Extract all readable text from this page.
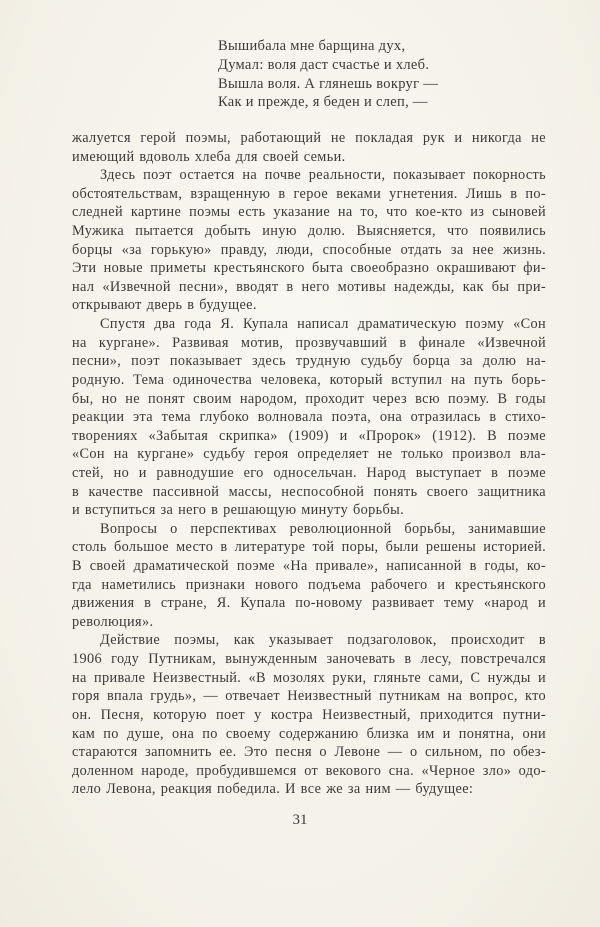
Вышибала мне барщина дух,
Думал: воля даст счастье и хлеб.
Вышла воля. А глянешь вокруг —
Как и прежде, я беден и слеп, —
жалуется герой поэмы, работающий не покладая рук и никогда не
имеющий вдоволь хлеба для своей семьи.
Здесь поэт остается на почве реальности, показывает покорность
обстоятельствам, взращенную в герое веками угнетения. Лишь в по-
следней картине поэмы есть указание на то, что кое-кто из сыновей
Мужика пытается добыть иную долю. Выясняется, что появились
борцы «за горькую» правду, люди, способные отдать за нее жизнь.
Эти новые приметы крестьянского быта своеобразно окрашивают фи-
нал «Извечной песни», вводят в него мотивы надежды, как бы при-
открывают дверь в будущее.
Спустя два года Я. Купала написал драматическую поэму «Сон
на кургане». Развивая мотив, прозвучавший в финале «Извечной
песни», поэт показывает здесь трудную судьбу борца за долю на-
родную. Тема одиночества человека, который вступил на путь борь-
бы, но не понят своим народом, проходит через всю поэму. В годы
реакции эта тема глубоко волновала поэта, она отразилась в стихо-
творениях «Забытая скрипка» (1909) и «Пророк» (1912). В поэме
«Сон на кургане» судьбу героя определяет не только произвол вла-
стей, но и равнодушие его односельчан. Народ выступает в поэме
в качестве пассивной массы, неспособной понять своего защитника
и вступиться за него в решающую минуту борьбы.
Вопросы о перспективах революционной борьбы, занимавшие
столь большое место в литературе той поры, были решены историей.
В своей драматической поэме «На привале», написанной в годы, ко-
гда наметились признаки нового подъема рабочего и крестьянского
движения в стране, Я. Купала по-новому развивает тему «народ и
революция».
Действие поэмы, как указывает подзаголовок, происходит в
1906 году Путникам, вынужденным заночевать в лесу, повстречался
на привале Неизвестный. «В мозолях руки, гляньте сами, С нужды и
горя впала грудь», — отвечает Неизвестный путникам на вопрос, кто
он. Песня, которую поет у костра Неизвестный, приходится путни-
кам по душе, она по своему содержанию близка им и понятна, они
стараются запомнить ее. Это песня о Левоне — о сильном, по обез-
доленном народе, пробудившемся от векового сна. «Черное зло» одо-
лело Левона, реакция победила. И все же за ним — будущее:
31
